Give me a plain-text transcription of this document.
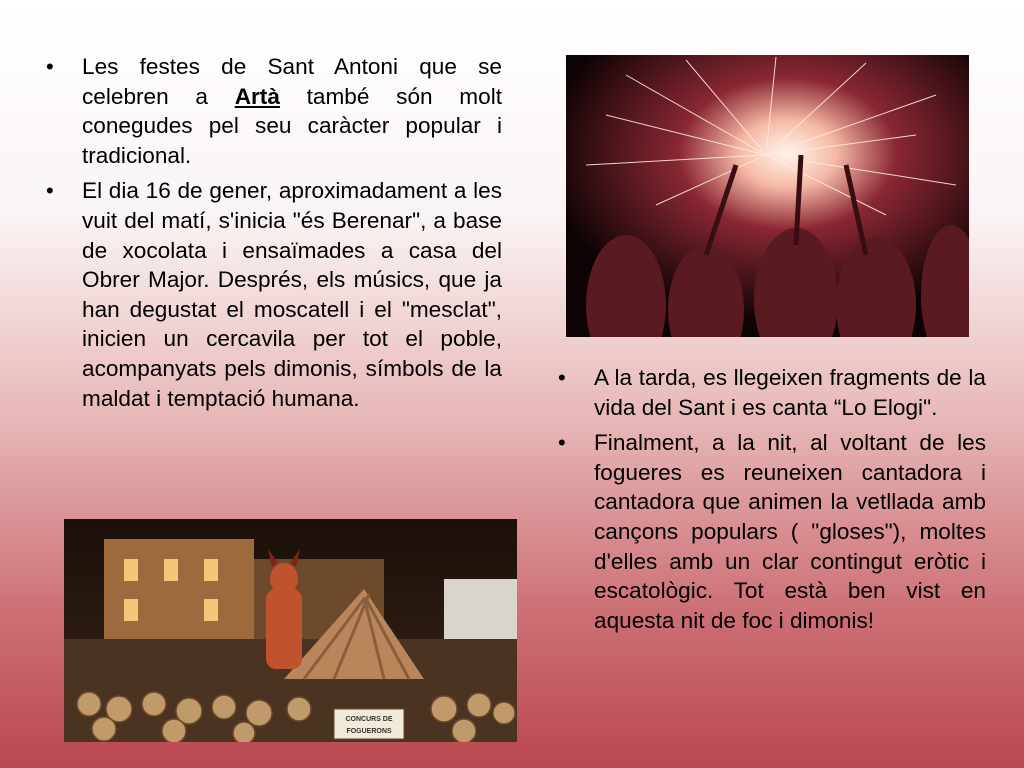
• Les festes de Sant Antoni que se celebren a Artà també són molt conegudes pel seu caràcter popular i tradicional.
• El dia 16 de gener, aproximadament a les vuit del matí, s'inicia "és Berenar", a base de xocolata i ensaïmades a casa del Obrer Major. Després, els músics, que ja han degustat el moscatell i el "mesclat", inicien un cercavila per tot el poble, acompanyats pels dimonis, símbols de la maldat i temptació humana.
• A la tarda, es llegeixen fragments de la vida del Sant i es canta “Lo Elogi".
• Finalment, a la nit, al voltant de les fogueres es reuneixen cantadora i cantadora que animen la vetllada amb cançons populars ( "gloses"), moltes d'elles amb un clar contingut eròtic i escatològic. Tot està ben vist en aquesta nit de foc i dimonis!
CONCURS DE
FOGUERONS
